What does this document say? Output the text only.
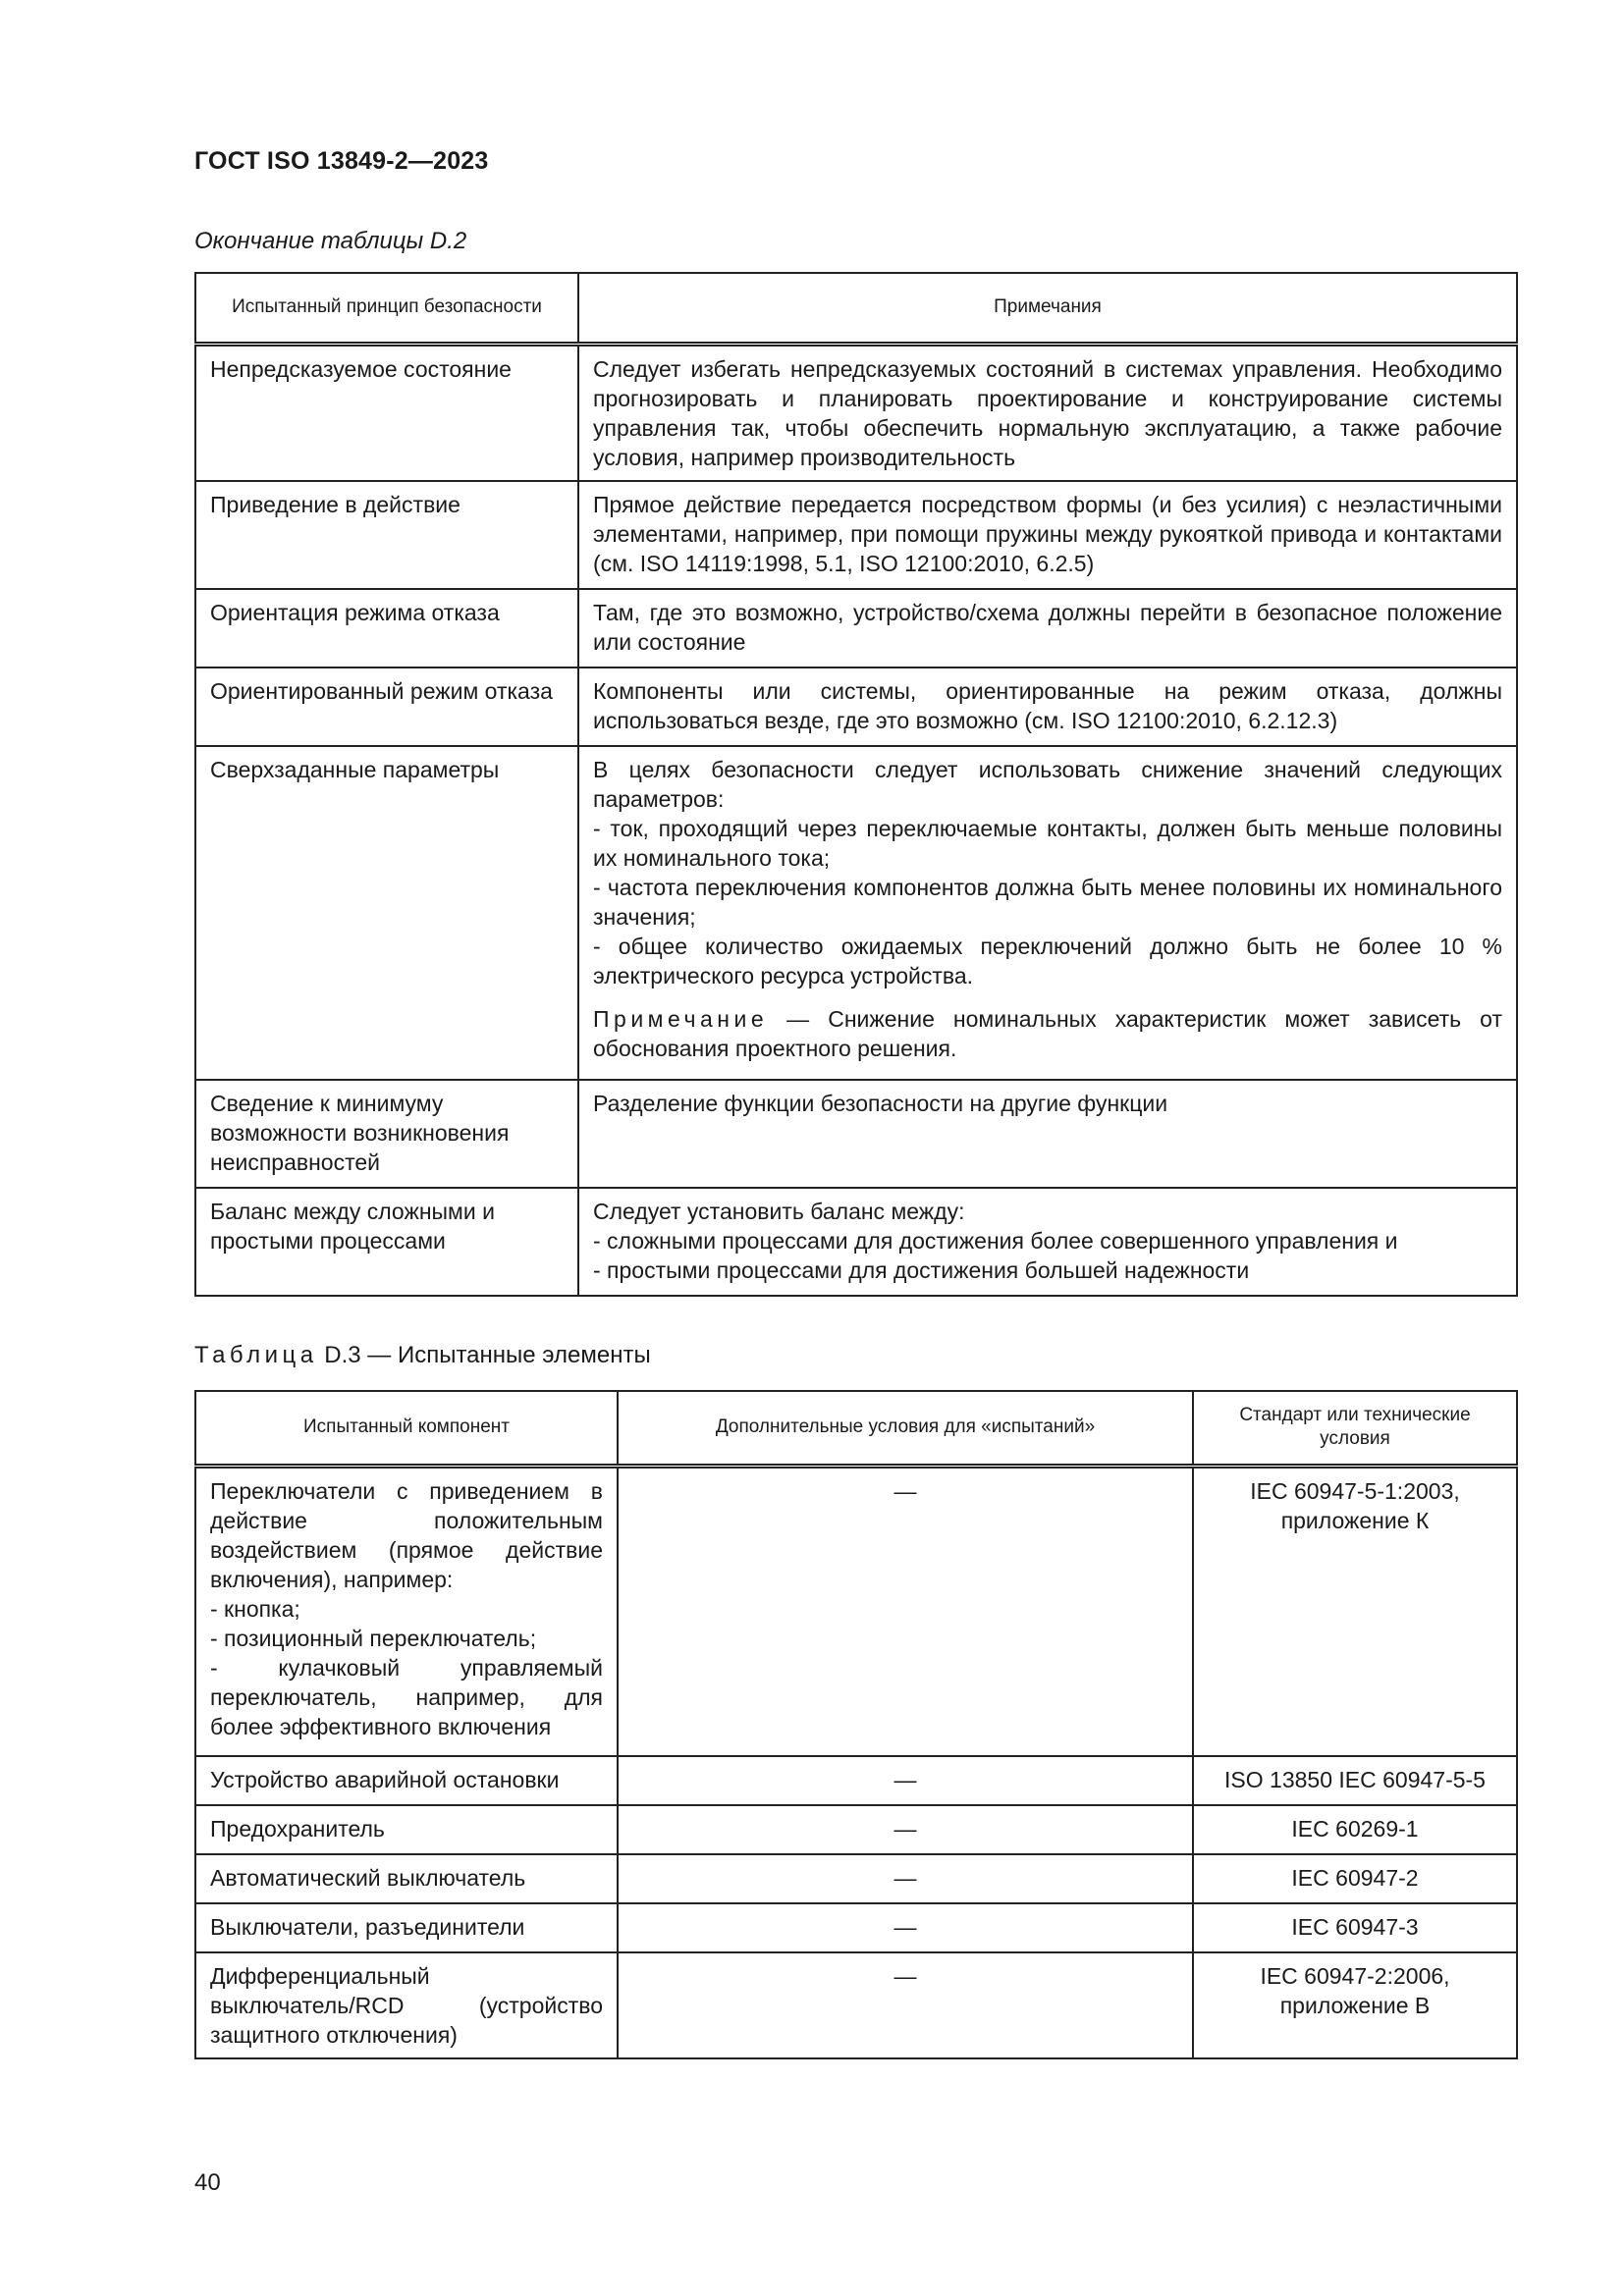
ГОСТ ISO 13849-2—2023
Окончание таблицы D.2
Испытанный принцип безопасности	Примечания
Непредсказуемое состояние	Следует избегать непредсказуемых состояний в системах управления. Необходимо прогнозировать и планировать проектирование и конструирование системы управления так, чтобы обеспечить нормальную эксплуатацию, а также рабочие условия, например производительность
Приведение в действие	Прямое действие передается посредством формы (и без усилия) с неэластичными элементами, например, при помощи пружины между рукояткой привода и контактами (см. ISO 14119:1998, 5.1, ISO 12100:2010, 6.2.5)
Ориентация режима отказа	Там, где это возможно, устройство/схема должны перейти в безопасное положение или состояние
Ориентированный режим отказа	Компоненты или системы, ориентированные на режим отказа, должны использоваться везде, где это возможно (см. ISO 12100:2010, 6.2.12.3)
Сверхзаданные параметры	В целях безопасности следует использовать снижение значений следующих параметров:
- ток, проходящий через переключаемые контакты, должен быть меньше половины их номинального тока;
- частота переключения компонентов должна быть менее половины их номинального значения;
- общее количество ожидаемых переключений должно быть не более 10 % электрического ресурса устройства.
Примечание — Снижение номинальных характеристик может зависеть от обоснования проектного решения.

Сведение к минимуму возможности возникновения неисправностей	Разделение функции безопасности на другие функции
Баланс между сложными и простыми процессами	Следует установить баланс между:
- сложными процессами для достижения более совершенного управления и
- простыми процессами для достижения большей надежности
Таблица D.3 — Испытанные элементы
Испытанный компонент	Дополнительные условия для «испытаний»	Стандарт или технические условия

Переключатели с приведением в действие положительным воздействием (прямое действие включения), например:
- кнопка;
- позиционный переключатель;
- кулачковый управляемый переключатель, например, для более эффективного включения	—	IEC 60947-5-1:2003,
приложение К

Устройство аварийной остановки	—	ISO 13850 IEC 60947-5-5
Предохранитель	—	IEC 60269-1
Автоматический выключатель	—	IEC 60947-2
Выключатели, разъединители	—	IEC 60947-3
Дифференциальный выключатель/RCD (устройство защитного отключения)	—	IEC 60947-2:2006,
приложение В
40
